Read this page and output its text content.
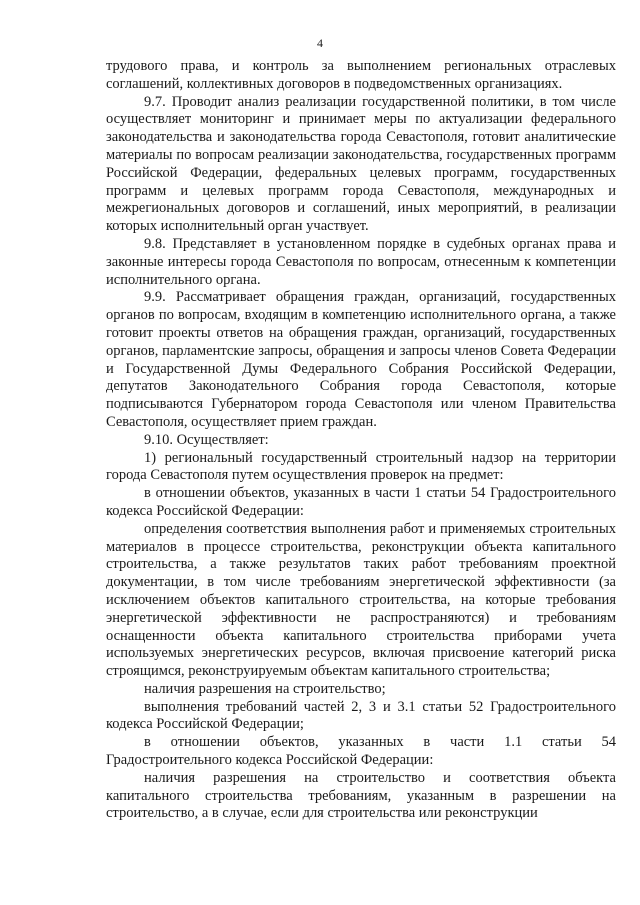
4

трудового права, и контроль за выполнением региональных отраслевых соглашений, коллективных договоров в подведомственных организациях.

9.7. Проводит анализ реализации государственной политики, в том числе осуществляет мониторинг и принимает меры по актуализации федерального законодательства и законодательства города Севастополя, готовит аналитические материалы по вопросам реализации законодательства, государственных программ Российской Федерации, федеральных целевых программ, государственных программ и целевых программ города Севастополя, международных и межрегиональных договоров и соглашений, иных мероприятий, в реализации которых исполнительный орган участвует.

9.8. Представляет в установленном порядке в судебных органах права и законные интересы города Севастополя по вопросам, отнесенным к компетенции исполнительного органа.

9.9. Рассматривает обращения граждан, организаций, государственных органов по вопросам, входящим в компетенцию исполнительного органа, а также готовит проекты ответов на обращения граждан, организаций, государственных органов, парламентские запросы, обращения и запросы членов Совета Федерации и Государственной Думы Федерального Собрания Российской Федерации, депутатов Законодательного Собрания города Севастополя, которые подписываются Губернатором города Севастополя или членом Правительства Севастополя, осуществляет прием граждан.

9.10. Осуществляет:

1) региональный государственный строительный надзор на территории города Севастополя путем осуществления проверок на предмет:

в отношении объектов, указанных в части 1 статьи 54 Градостроительного кодекса Российской Федерации:

определения соответствия выполнения работ и применяемых строительных материалов в процессе строительства, реконструкции объекта капитального строительства, а также результатов таких работ требованиям проектной документации, в том числе требованиям энергетической эффективности (за исключением объектов капитального строительства, на которые требования энергетической эффективности не распространяются) и требованиям оснащенности объекта капитального строительства приборами учета используемых энергетических ресурсов, включая присвоение категорий риска строящимся, реконструируемым объектам капитального строительства;

наличия разрешения на строительство;

выполнения требований частей 2, 3 и 3.1 статьи 52 Градостроительного кодекса Российской Федерации;

в отношении объектов, указанных в части 1.1 статьи 54 Градостроительного кодекса Российской Федерации:

наличия разрешения на строительство и соответствия объекта капитального строительства требованиям, указанным в разрешении на строительство, а в случае, если для строительства или реконструкции
